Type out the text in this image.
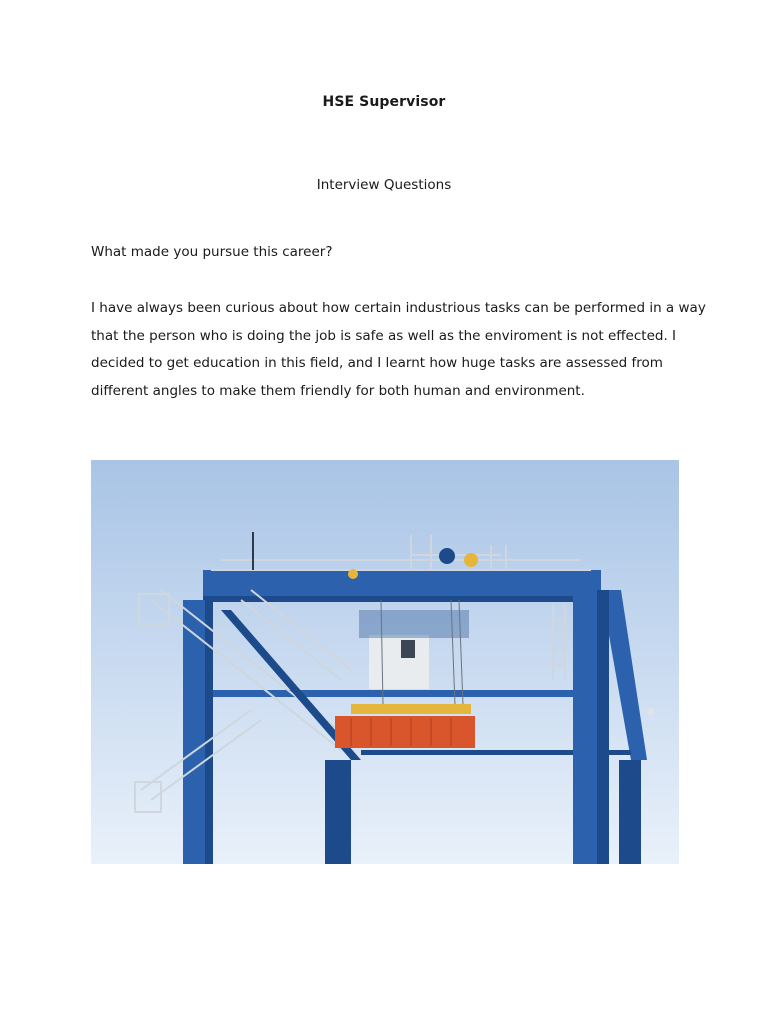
HSE Supervisor
Interview Questions
What made you pursue this career?

I have always been curious about how certain industrious tasks can be performed in a way
that the person who is doing the job is safe as well as the enviroment is not effected. I
decided to get education in this field, and I learnt how huge tasks are assessed from
different angles to make them friendly for both human and environment.
